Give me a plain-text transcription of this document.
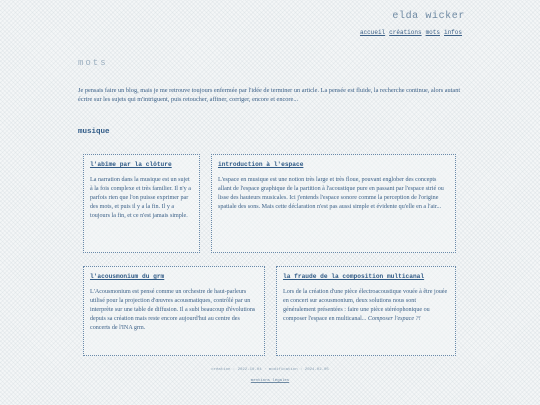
elda wicker
accueil créations mots infos
mots

Je pensais faire un blog, mais je me retrouve toujours enfermée par l'idée de terminer un article. La pensée est fluide, la recherche continue, alors autant écrire sur les sujets qui m'intriguent, puis retoucher, affiner, corriger, encore et encore...

musique
l'abîme par la clôture

La narration dans la musique est un sujet à la fois complexe et très familier. Il n'y a parfois rien que l'on puisse exprimer par des mots, et puis il y a la fin. Il y a toujours la fin, et ce n'est jamais simple.

introduction à l'espace

L'espace en musique est une notion très large et très floue, pouvant englober des concepts allant de l'espace graphique de la partition à l'acoustique pure en passant par l'espace strié ou lisse des hauteurs musicales. Ici j'entends l'espace sonore comme la perception de l'origine spatiale des sons. Mais cette déclaration n'est pas aussi simple et évidente qu'elle en a l'air...

l'acousmonium du grm

L'Acousmonium est pensé comme un orchestre de haut-parleurs utilisé pour la projection d'œuvres acousmatiques, contrôlé par un interprète sur une table de diffusion. Il a subi beaucoup d'évolutions depuis sa création mais reste encore aujourd'hui au centre des concerts de l'INA grm.

la fraude de la composition multicanal

Lors de la création d'une pièce électroacoustique vouée à être jouée en concert sur acousmonium, deux solutions nous sont généralement présentées : faire une pièce stéréophonique ou composer l'espace en multicanal... Composer l'espace ?!

création : 2022-10-04 · modification : 2024-02-05
mentions légales
